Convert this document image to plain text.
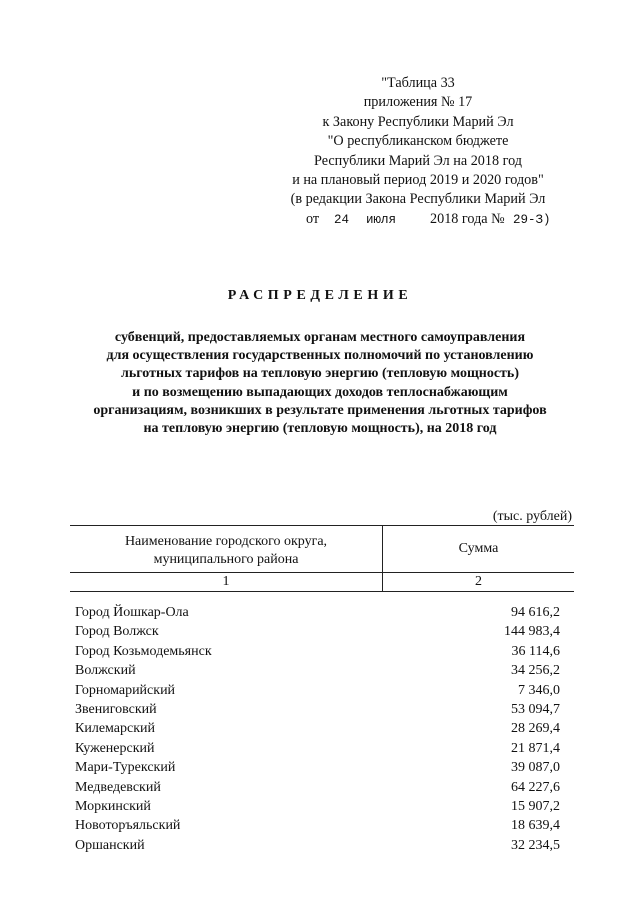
"Таблица 33
приложения № 17
к Закону Республики Марий Эл
"О республиканском бюджете
Республики Марий Эл на 2018 год
и на плановый период 2019 и 2020 годов"
(в редакции Закона Республики Марий Эл
от 24 июля 2018 года № 29-З)
РАСПРЕДЕЛЕНИЕ
субвенций, предоставляемых органам местного самоуправления
для осуществления государственных полномочий по установлению
льготных тарифов на тепловую энергию (тепловую мощность)
и по возмещению выпадающих доходов теплоснабжающим
организациям, возникших в результате применения льготных тарифов
на тепловую энергию (тепловую мощность), на 2018 год
(тыс. рублей)
Наименование городского округа,
муниципального района
Сумма
1	2
Город Йошкар-Ола	94 616,2
Город Волжск	144 983,4
Город Козьмодемьянск	36 114,6
Волжский	34 256,2
Горномарийский	7 346,0
Звениговский	53 094,7
Килемарский	28 269,4
Куженерский	21 871,4
Мари-Турекский	39 087,0
Медведевский	64 227,6
Моркинский	15 907,2
Новоторъяльский	18 639,4
Оршанский	32 234,5
